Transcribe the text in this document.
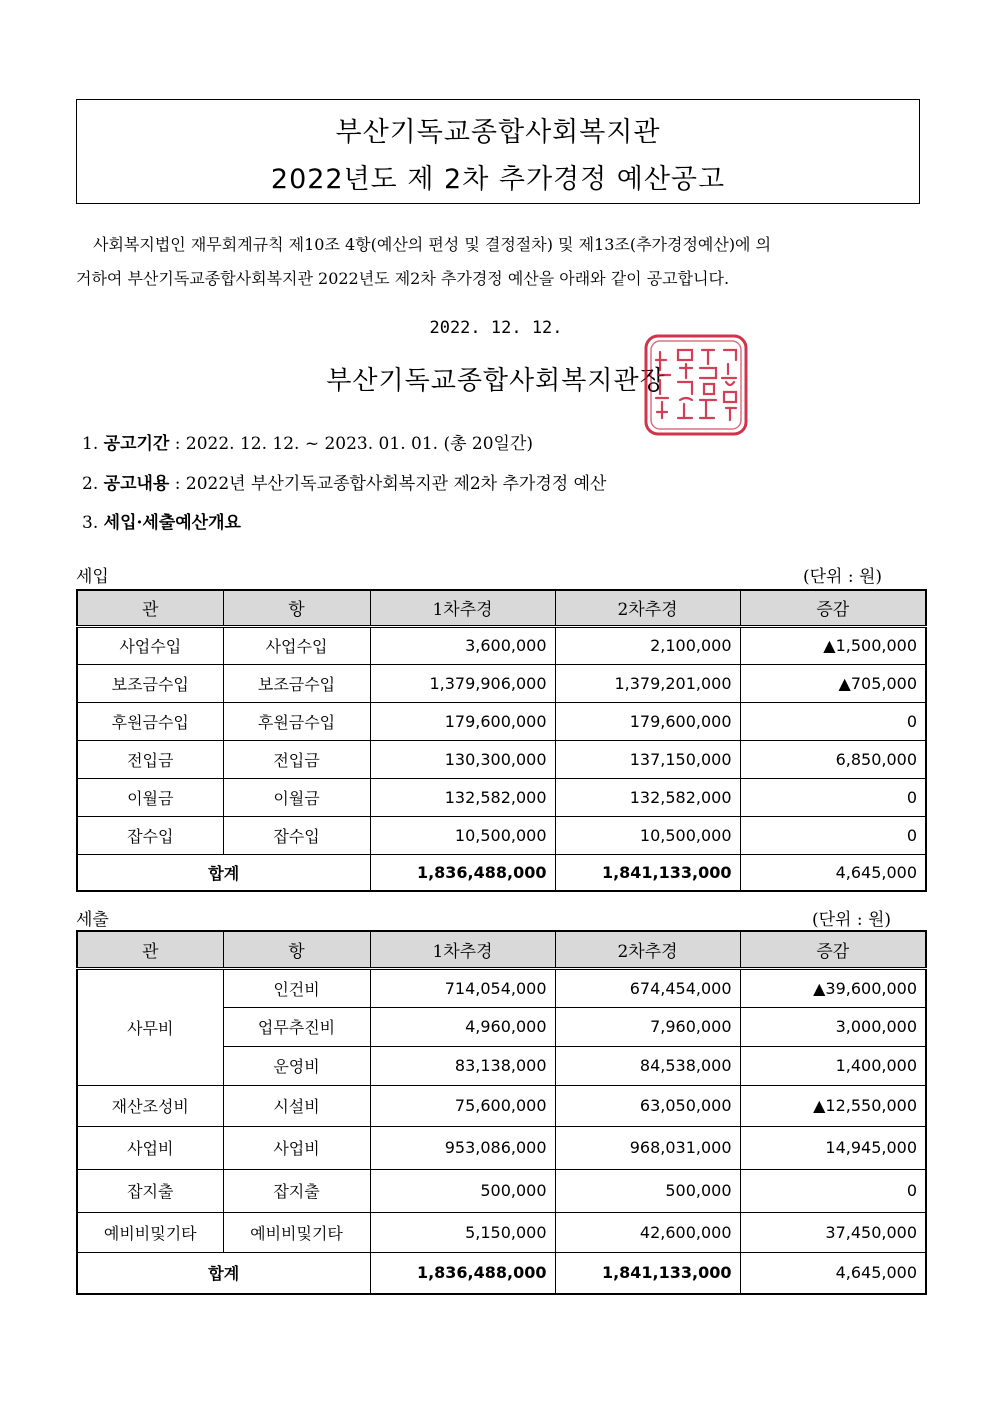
부산기독교종합사회복지관
2022년도 제 2차 추가경정 예산공고

사회복지법인 재무회계규칙 제10조 4항(예산의 편성 및 결정절차) 및 제13조(추가경정예산)에 의

거하여 부산기독교종합사회복지관 2022년도 제2차 추가경정 예산을 아래와 같이 공고합니다.

2022. 12. 12.
부산기독교종합사회복지관장
1. 공고기간 : 2022. 12. 12. ~ 2023. 01. 01. (총 20일간)
2. 공고내용 : 2022년 부산기독교종합사회복지관 제2차 추가경정 예산
3. 세입·세출예산개요
세입	(단위 : 원)
관	항	1차추경	2차추경	증감
사업수입	사업수입	3,600,000	2,100,000	▲1,500,000
보조금수입	보조금수입	1,379,906,000	1,379,201,000	▲705,000
후원금수입	후원금수입	179,600,000	179,600,000	0
전입금	전입금	130,300,000	137,150,000	6,850,000
이월금	이월금	132,582,000	132,582,000	0
잡수입	잡수입	10,500,000	10,500,000	0
합계		1,836,488,000	1,841,133,000	4,645,000
세출	(단위 : 원)
관	항	1차추경	2차추경	증감
사무비	인건비	714,054,000	674,454,000	▲39,600,000
	업무추진비	4,960,000	7,960,000	3,000,000
	운영비	83,138,000	84,538,000	1,400,000
재산조성비	시설비	75,600,000	63,050,000	▲12,550,000
사업비	사업비	953,086,000	968,031,000	14,945,000
잡지출	잡지출	500,000	500,000	0
예비비및기타	예비비및기타	5,150,000	42,600,000	37,450,000
합계		1,836,488,000	1,841,133,000	4,645,000
